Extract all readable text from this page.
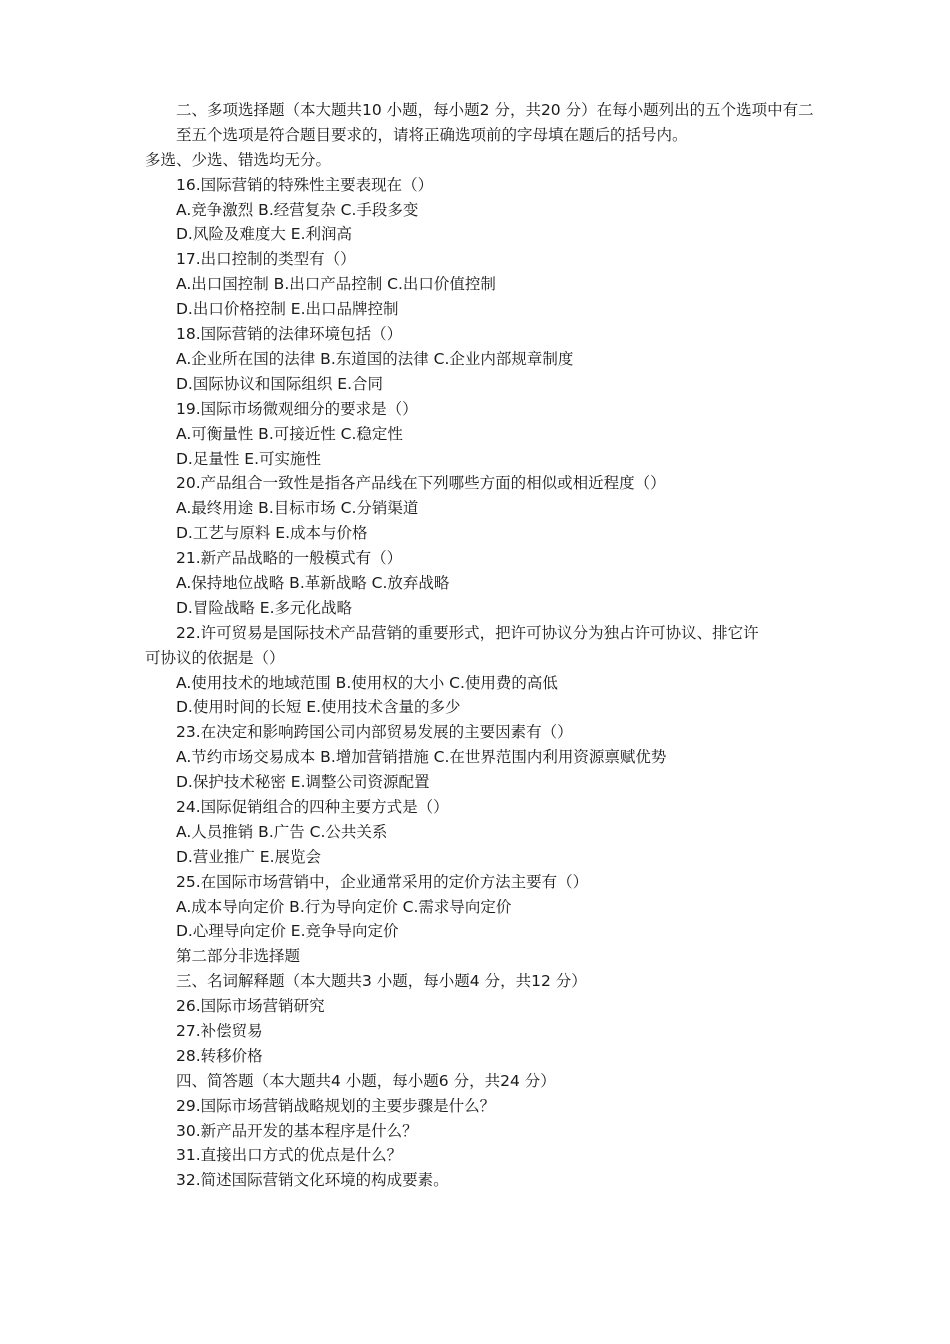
二、多项选择题（本大题共10 小题，每小题2 分，共20 分）在每小题列出的五个选项中有二至五个选项是符合题目要求的，请将正确选项前的字母填在题后的括号内。
多选、少选、错选均无分。
16.国际营销的特殊性主要表现在（）
A.竞争激烈 B.经营复杂 C.手段多变
D.风险及难度大 E.利润高
17.出口控制的类型有（）
A.出口国控制 B.出口产品控制 C.出口价值控制
D.出口价格控制 E.出口品牌控制
18.国际营销的法律环境包括（）
A.企业所在国的法律 B.东道国的法律 C.企业内部规章制度
D.国际协议和国际组织 E.合同
19.国际市场微观细分的要求是（）
A.可衡量性 B.可接近性 C.稳定性
D.足量性 E.可实施性
20.产品组合一致性是指各产品线在下列哪些方面的相似或相近程度（）
A.最终用途 B.目标市场 C.分销渠道
D.工艺与原料 E.成本与价格
21.新产品战略的一般模式有（）
A.保持地位战略 B.革新战略 C.放弃战略
D.冒险战略 E.多元化战略
22.许可贸易是国际技术产品营销的重要形式，把许可协议分为独占许可协议、排它许
可协议的依据是（）
A.使用技术的地域范围 B.使用权的大小 C.使用费的高低
D.使用时间的长短 E.使用技术含量的多少
23.在决定和影响跨国公司内部贸易发展的主要因素有（）
A.节约市场交易成本 B.增加营销措施 C.在世界范围内利用资源禀赋优势
D.保护技术秘密 E.调整公司资源配置
24.国际促销组合的四种主要方式是（）
A.人员推销 B.广告 C.公共关系
D.营业推广 E.展览会
25.在国际市场营销中，企业通常采用的定价方法主要有（）
A.成本导向定价 B.行为导向定价 C.需求导向定价
D.心理导向定价 E.竞争导向定价
第二部分非选择题
三、名词解释题（本大题共3 小题，每小题4 分，共12 分）
26.国际市场营销研究
27.补偿贸易
28.转移价格
四、简答题（本大题共4 小题，每小题6 分，共24 分）
29.国际市场营销战略规划的主要步骤是什么？
30.新产品开发的基本程序是什么？
31.直接出口方式的优点是什么？
32.简述国际营销文化环境的构成要素。
